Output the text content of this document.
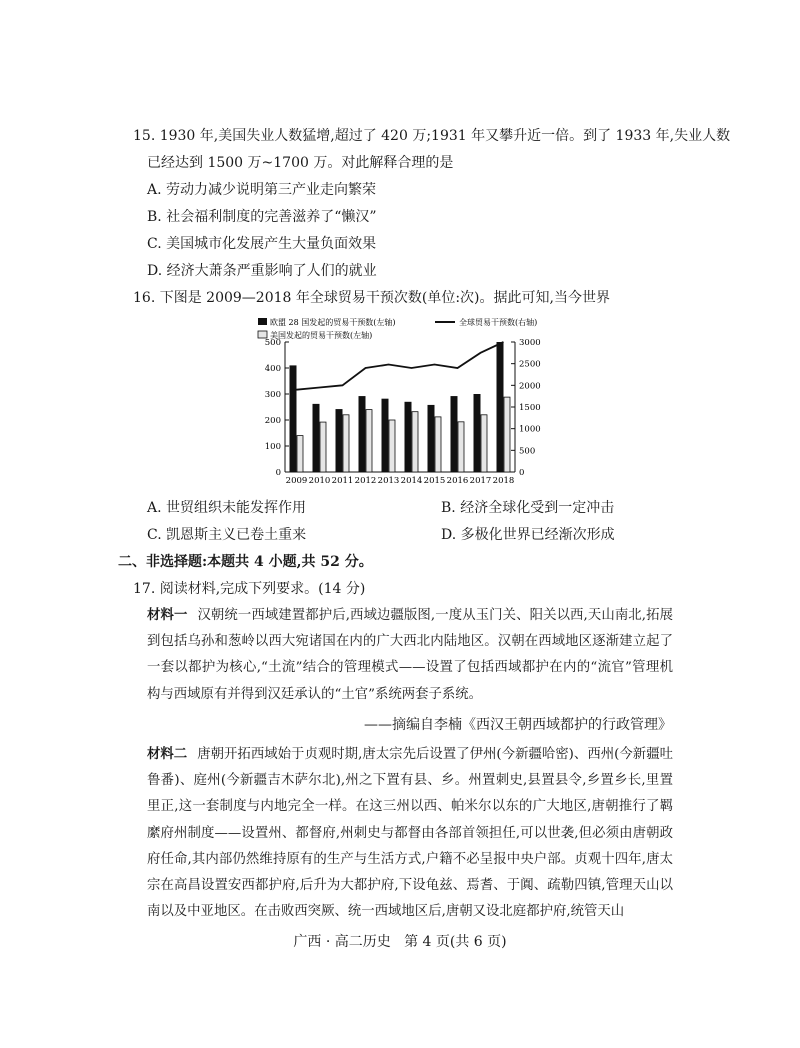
15. 1930 年,美国失业人数猛增,超过了 420 万;1931 年又攀升近一倍。到了 1933 年,失业人数
已经达到 1500 万~1700 万。对此解释合理的是
A. 劳动力减少说明第三产业走向繁荣
B. 社会福利制度的完善滋养了“懒汉”
C. 美国城市化发展产生大量负面效果
D. 经济大萧条严重影响了人们的就业
16. 下图是 2009—2018 年全球贸易干预次数(单位:次)。据此可知,当今世界
欧盟 28 国发起的贸易干预数(左轴)	全球贸易干预数(右轴)
美国发起的贸易干预数(左轴)
0
100
200
300
400
500
0
500
1000
1500
2000
2500
3000
2009 2010 2011 2012 2013 2014 2015 2016 2017 2018
A. 世贸组织未能发挥作用	B. 经济全球化受到一定冲击
C. 凯恩斯主义已卷土重来	D. 多极化世界已经渐次形成
二、非选择题:本题共 4 小题,共 52 分。
17. 阅读材料,完成下列要求。(14 分)
材料一 汉朝统一西域建置都护后,西域边疆版图,一度从玉门关、阳关以西,天山南北,拓展到包括乌孙和葱岭以西大宛诸国在内的广大西北内陆地区。汉朝在西域地区逐渐建立起了一套以都护为核心,“土流”结合的管理模式——设置了包括西域都护在内的“流官”管理机构与西域原有并得到汉廷承认的“土官”系统两套子系统。
——摘编自李楠《西汉王朝西域都护的行政管理》
材料二 唐朝开拓西域始于贞观时期,唐太宗先后设置了伊州(今新疆哈密)、西州(今新疆吐鲁番)、庭州(今新疆吉木萨尔北),州之下置有县、乡。州置刺史,县置县令,乡置乡长,里置里正,这一套制度与内地完全一样。在这三州以西、帕米尔以东的广大地区,唐朝推行了羁縻府州制度——设置州、都督府,州刺史与都督由各部首领担任,可以世袭,但必须由唐朝政府任命,其内部仍然维持原有的生产与生活方式,户籍不必呈报中央户部。贞观十四年,唐太宗在高昌设置安西都护府,后升为大都护府,下设龟兹、焉耆、于阗、疏勒四镇,管理天山以南以及中亚地区。在击败西突厥、统一西域地区后,唐朝又设北庭都护府,统管天山
广西 · 高二历史   第 4 页(共 6 页)
